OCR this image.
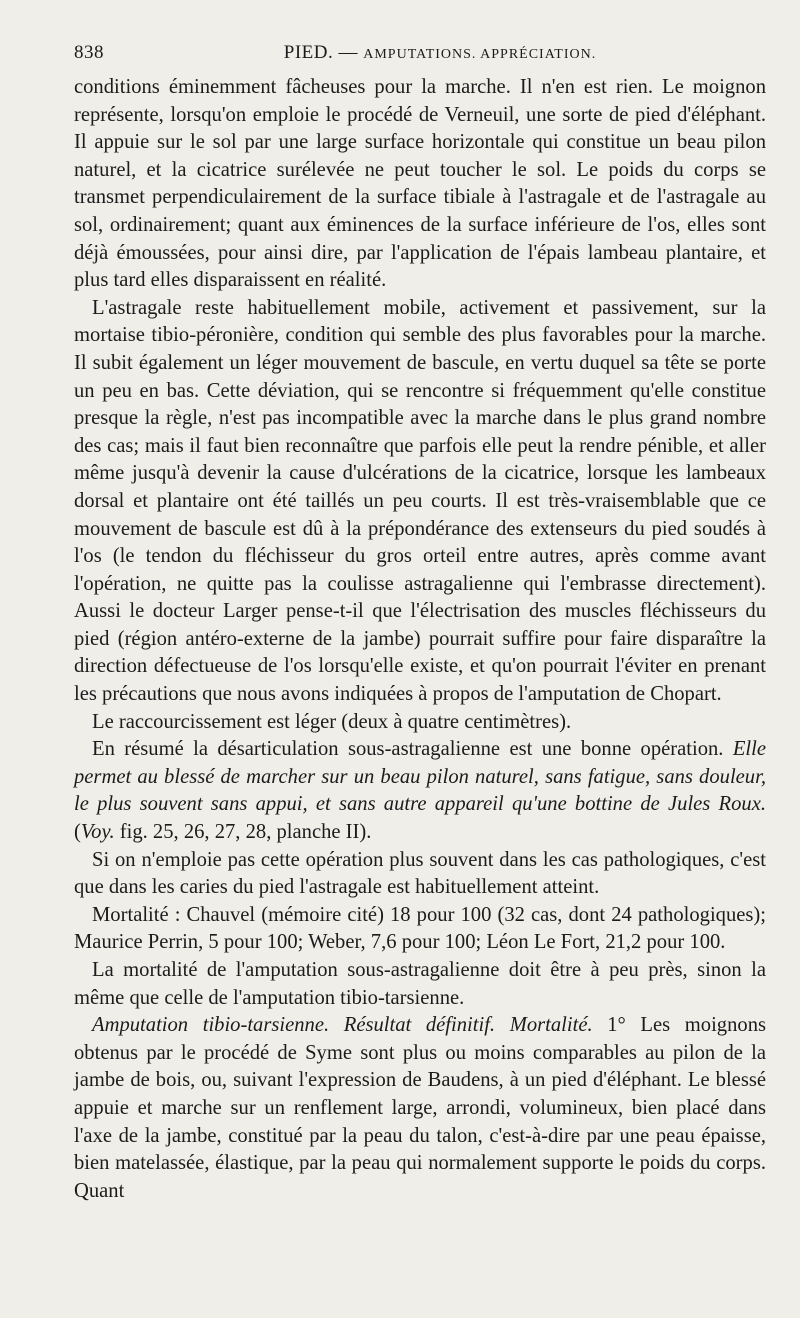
838	PIED. — AMPUTATIONS. APPRÉCIATION.

conditions éminemment fâcheuses pour la marche. Il n'en est rien. Le moignon représente, lorsqu'on emploie le procédé de Verneuil, une sorte de pied d'éléphant. Il appuie sur le sol par une large surface horizontale qui constitue un beau pilon naturel, et la cicatrice surélevée ne peut toucher le sol. Le poids du corps se transmet perpendiculairement de la surface tibiale à l'astragale et de l'astragale au sol, ordinairement; quant aux éminences de la surface inférieure de l'os, elles sont déjà émoussées, pour ainsi dire, par l'application de l'épais lambeau plantaire, et plus tard elles disparaissent en réalité.

L'astragale reste habituellement mobile, activement et passivement, sur la mortaise tibio-péronière, condition qui semble des plus favorables pour la marche. Il subit également un léger mouvement de bascule, en vertu duquel sa tête se porte un peu en bas. Cette déviation, qui se rencontre si fréquemment qu'elle constitue presque la règle, n'est pas incompatible avec la marche dans le plus grand nombre des cas; mais il faut bien reconnaître que parfois elle peut la rendre pénible, et aller même jusqu'à devenir la cause d'ulcérations de la cicatrice, lorsque les lambeaux dorsal et plantaire ont été taillés un peu courts. Il est très-vraisemblable que ce mouvement de bascule est dû à la prépondérance des extenseurs du pied soudés à l'os (le tendon du fléchisseur du gros orteil entre autres, après comme avant l'opération, ne quitte pas la coulisse astragalienne qui l'embrasse directement). Aussi le docteur Larger pense-t-il que l'électrisation des muscles fléchisseurs du pied (région antéro-externe de la jambe) pourrait suffire pour faire disparaître la direction défectueuse de l'os lorsqu'elle existe, et qu'on pourrait l'éviter en prenant les précautions que nous avons indiquées à propos de l'amputation de Chopart.

Le raccourcissement est léger (deux à quatre centimètres).

En résumé la désarticulation sous-astragalienne est une bonne opération. Elle permet au blessé de marcher sur un beau pilon naturel, sans fatigue, sans douleur, le plus souvent sans appui, et sans autre appareil qu'une bottine de Jules Roux. (Voy. fig. 25, 26, 27, 28, planche II).

Si on n'emploie pas cette opération plus souvent dans les cas pathologiques, c'est que dans les caries du pied l'astragale est habituellement atteint.

Mortalité : Chauvel (mémoire cité) 18 pour 100 (32 cas, dont 24 pathologiques); Maurice Perrin, 5 pour 100; Weber, 7,6 pour 100; Léon Le Fort, 21,2 pour 100.

La mortalité de l'amputation sous-astragalienne doit être à peu près, sinon la même que celle de l'amputation tibio-tarsienne.

Amputation tibio-tarsienne. Résultat définitif. Mortalité. 1° Les moignons obtenus par le procédé de Syme sont plus ou moins comparables au pilon de la jambe de bois, ou, suivant l'expression de Baudens, à un pied d'éléphant. Le blessé appuie et marche sur un renflement large, arrondi, volumineux, bien placé dans l'axe de la jambe, constitué par la peau du talon, c'est-à-dire par une peau épaisse, bien matelassée, élastique, par la peau qui normalement supporte le poids du corps. Quant
